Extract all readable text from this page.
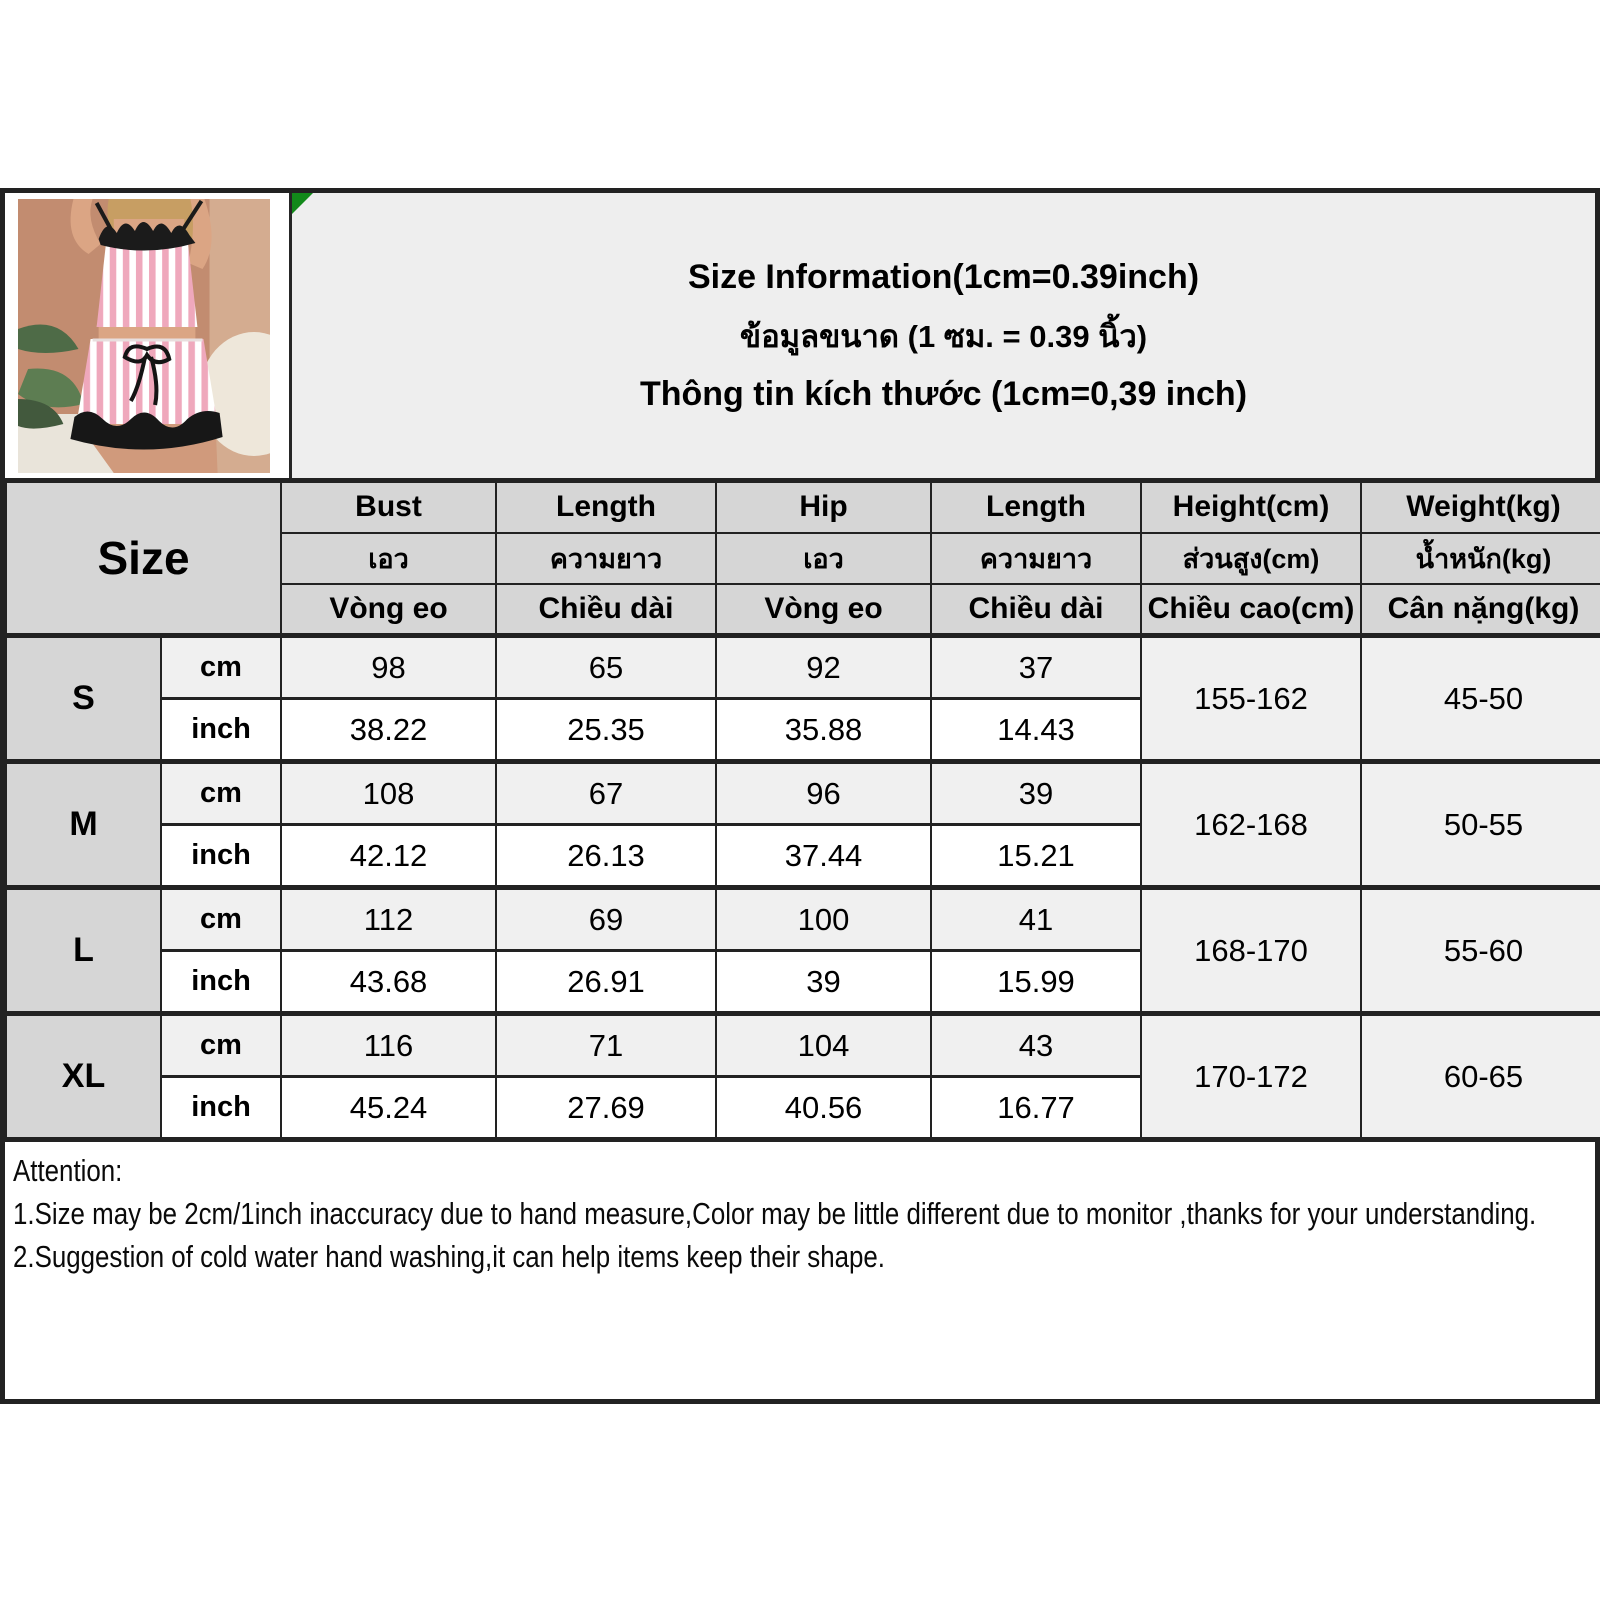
Size Information(1cm=0.39inch)
ข้อมูลขนาด (1 ซม. = 0.39 นิ้ว)
Thông tin kích thước (1cm=0,39 inch)
Size		Bust	Length	Hip	Length	Height(cm)	Weight(kg)
		เอว	ความยาว	เอว	ความยาว	ส่วนสูง(cm)	น้ำหนัก(kg)
		Vòng eo	Chiều dài	Vòng eo	Chiều dài	Chiều cao(cm)	Cân nặng(kg)
S	cm	98	65	92	37	155-162	45-50
	inch	38.22	25.35	35.88	14.43		
M	cm	108	67	96	39	162-168	50-55
	inch	42.12	26.13	37.44	15.21		
L	cm	112	69	100	41	168-170	55-60
	inch	43.68	26.91	39	15.99		
XL	cm	116	71	104	43	170-172	60-65
	inch	45.24	27.69	40.56	16.77		

Attention:

1.Size may be 2cm/1inch inaccuracy due to hand measure,Color may be little different due to monitor ,thanks for your understanding.

2.Suggestion of cold water hand washing,it can help items keep their shape.
